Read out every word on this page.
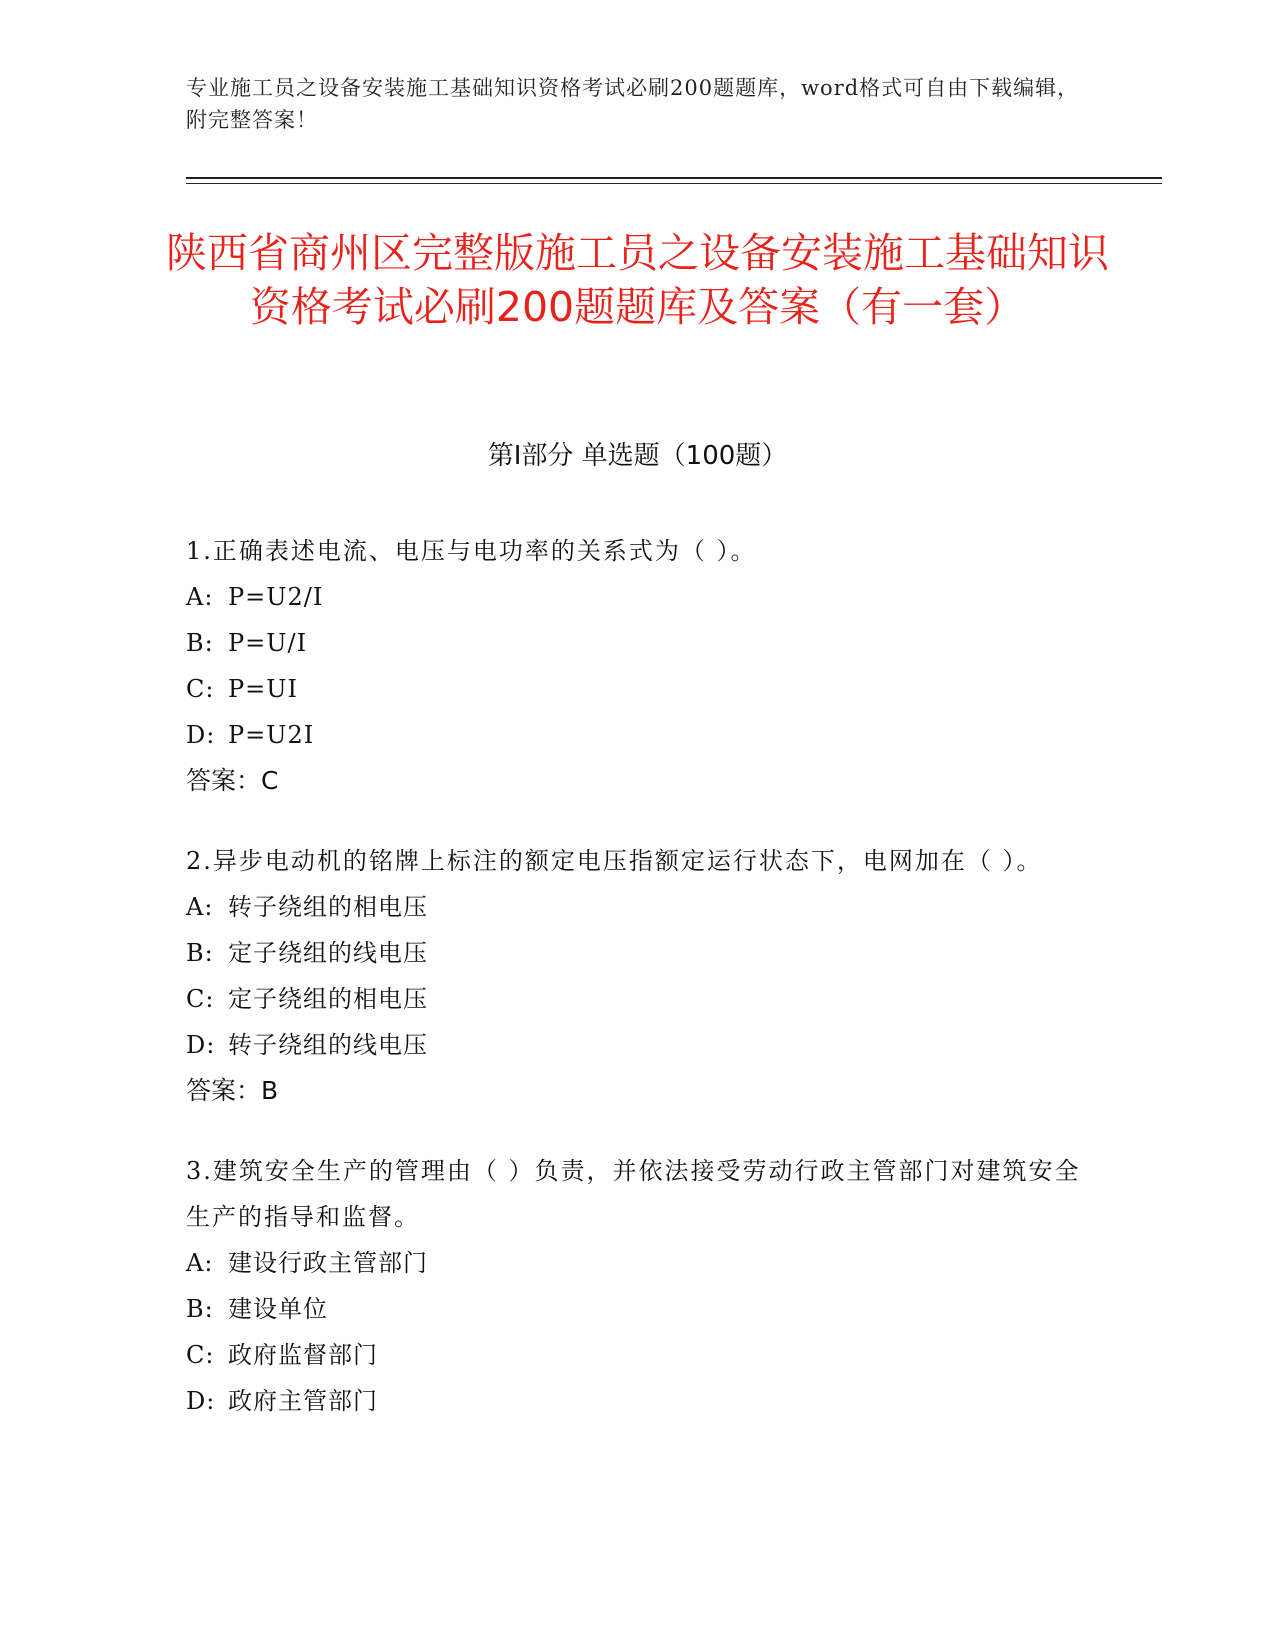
专业施工员之设备安装施工基础知识资格考试必刷200题题库，word格式可自由下载编辑，附完整答案！
陕西省商州区完整版施工员之设备安装施工基础知识资格考试必刷200题题库及答案（有一套）
第I部分 单选题（100题）
1.正确表述电流、电压与电功率的关系式为（ ）。
A: P=U2/I
B: P=U/I
C: P=UI
D: P=U2I
答案：C
2.异步电动机的铭牌上标注的额定电压指额定运行状态下，电网加在（ ）。
A: 转子绕组的相电压
B: 定子绕组的线电压
C: 定子绕组的相电压
D: 转子绕组的线电压
答案：B
3.建筑安全生产的管理由（ ）负责，并依法接受劳动行政主管部门对建筑安全生产的指导和监督。
A: 建设行政主管部门
B: 建设单位
C: 政府监督部门
D: 政府主管部门
